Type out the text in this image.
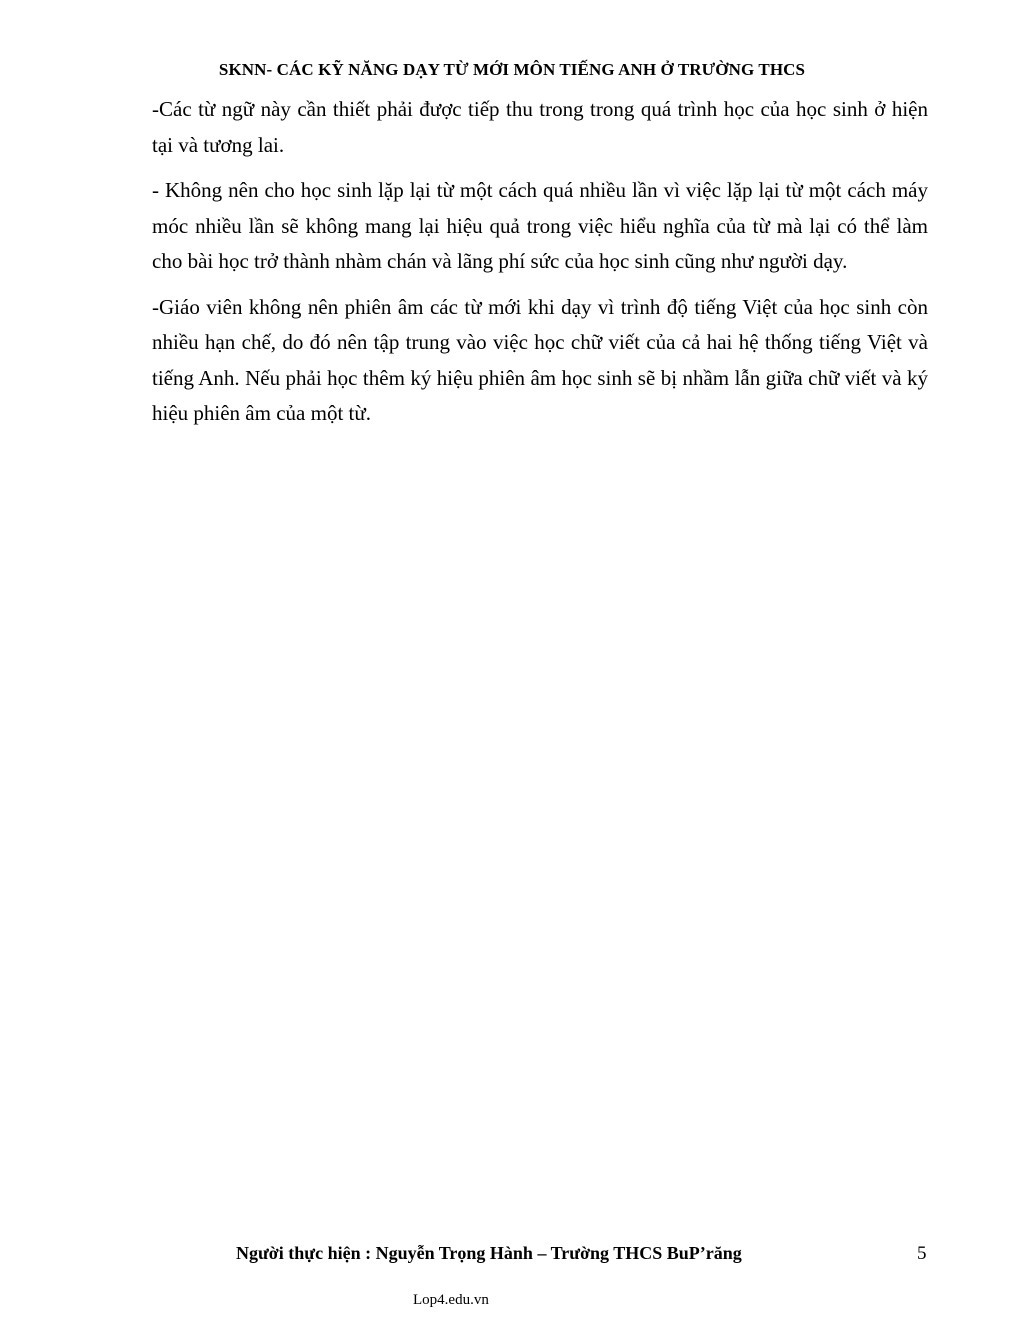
SKNN- CÁC KỸ NĂNG DẠY TỪ MỚI MÔN TIẾNG ANH Ở TRƯỜNG THCS

-Các từ ngữ này cần thiết phải được tiếp thu trong trong quá trình học của học sinh ở hiện tại và tương lai.

- Không nên cho học sinh lặp lại từ một cách quá nhiều lần vì việc lặp lại từ một cách máy móc nhiều lần sẽ không mang lại hiệu quả trong việc hiểu nghĩa của từ mà lại có thể làm cho bài học trở thành nhàm chán và lãng phí sức của học sinh cũng như người dạy.

-Giáo viên không nên phiên âm các từ mới khi dạy vì trình độ tiếng Việt của học sinh còn nhiều hạn chế, do đó nên tập trung vào việc học chữ viết của cả hai hệ thống tiếng Việt và tiếng Anh. Nếu phải học thêm ký hiệu phiên âm học sinh sẽ bị nhầm lẫn giữa chữ viết và ký hiệu phiên âm của một từ.

Người thực hiện : Nguyễn Trọng Hành – Trường THCS BuP’răng	5
Lop4.edu.vn
